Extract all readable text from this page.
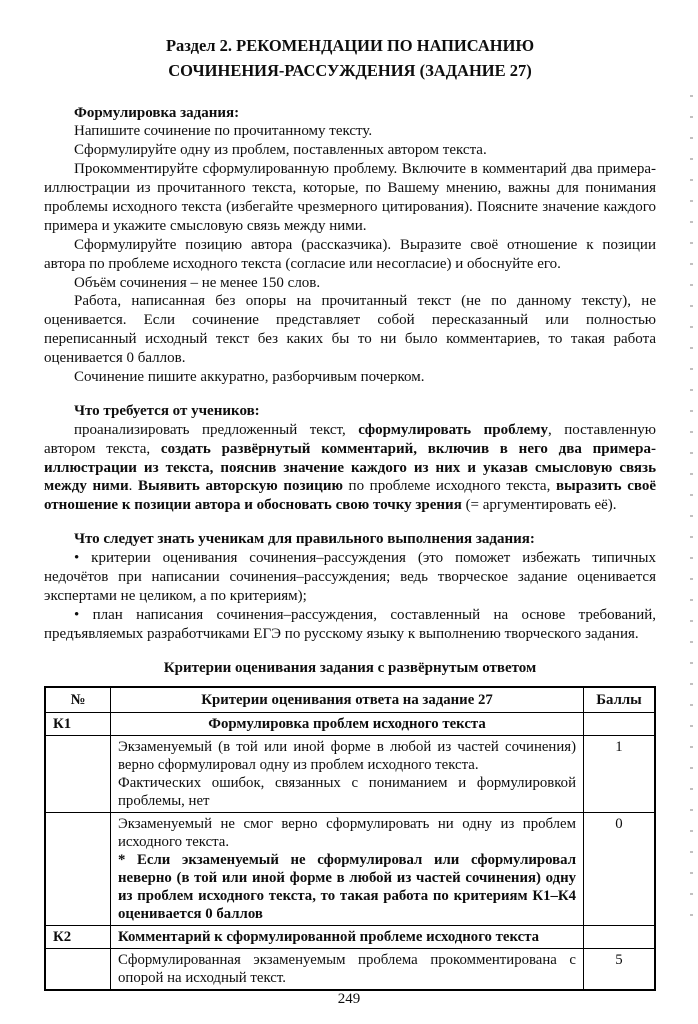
Раздел 2. РЕКОМЕНДАЦИИ ПО НАПИСАНИЮ
СОЧИНЕНИЯ-РАССУЖДЕНИЯ (ЗАДАНИЕ 27)

Формулировка задания:

Напишите сочинение по прочитанному тексту.

Сформулируйте одну из проблем, поставленных автором текста.

Прокомментируйте сформулированную проблему. Включите в комментарий два примера-иллюстрации из прочитанного текста, которые, по Вашему мнению, важны для понимания проблемы исходного текста (избегайте чрезмерного цитирования). Поясните значение каждого примера и укажите смысловую связь между ними.

Сформулируйте позицию автора (рассказчика). Выразите своё отношение к позиции автора по проблеме исходного текста (согласие или несогласие) и обоснуйте его.

Объём сочинения – не менее 150 слов.

Работа, написанная без опоры на прочитанный текст (не по данному тексту), не оценивается. Если сочинение представляет собой пересказанный или полностью переписанный исходный текст без каких бы то ни было комментариев, то такая работа оценивается 0 баллов.

Сочинение пишите аккуратно, разборчивым почерком.

Что требуется от учеников:

проанализировать предложенный текст, сформулировать проблему, поставленную автором текста, создать развёрнутый комментарий, включив в него два примера-иллюстрации из текста, пояснив значение каждого из них и указав смысловую связь между ними. Выявить авторскую позицию по проблеме исходного текста, выразить своё отношение к позиции автора и обосновать свою точку зрения (= аргументировать её).

Что следует знать ученикам для правильного выполнения задания:

• критерии оценивания сочинения–рассуждения (это поможет избежать типичных недочётов при написании сочинения–рассуждения; ведь творческое задание оценивается экспертами не целиком, а по критериям);

• план написания сочинения–рассуждения, составленный на основе требований, предъявляемых разработчиками ЕГЭ по русскому языку к выполнению творческого задания.

Критерии оценивания задания с развёрнутым ответом

№	Критерии оценивания ответа на задание 27	Баллы
К1	Формулировка проблем исходного текста	

	Экзаменуемый (в той или иной форме в любой из частей сочинения) верно сформулировал одну из проблем исходного текста.
Фактических ошибок, связанных с пониманием и формулировкой проблемы, нет	1

	Экзаменуемый не смог верно сформулировать ни одну из проблем исходного текста.
* Если экзаменуемый не сформулировал или сформулировал неверно (в той или иной форме в любой из частей сочинения) одну из проблем исходного текста, то такая работа по критериям К1–К4 оценивается 0 баллов	0
К2	Комментарий к сформулированной проблеме исходного текста	

	Сформулированная экзаменуемым проблема прокомментирована с опорой на исходный текст.	5
249
